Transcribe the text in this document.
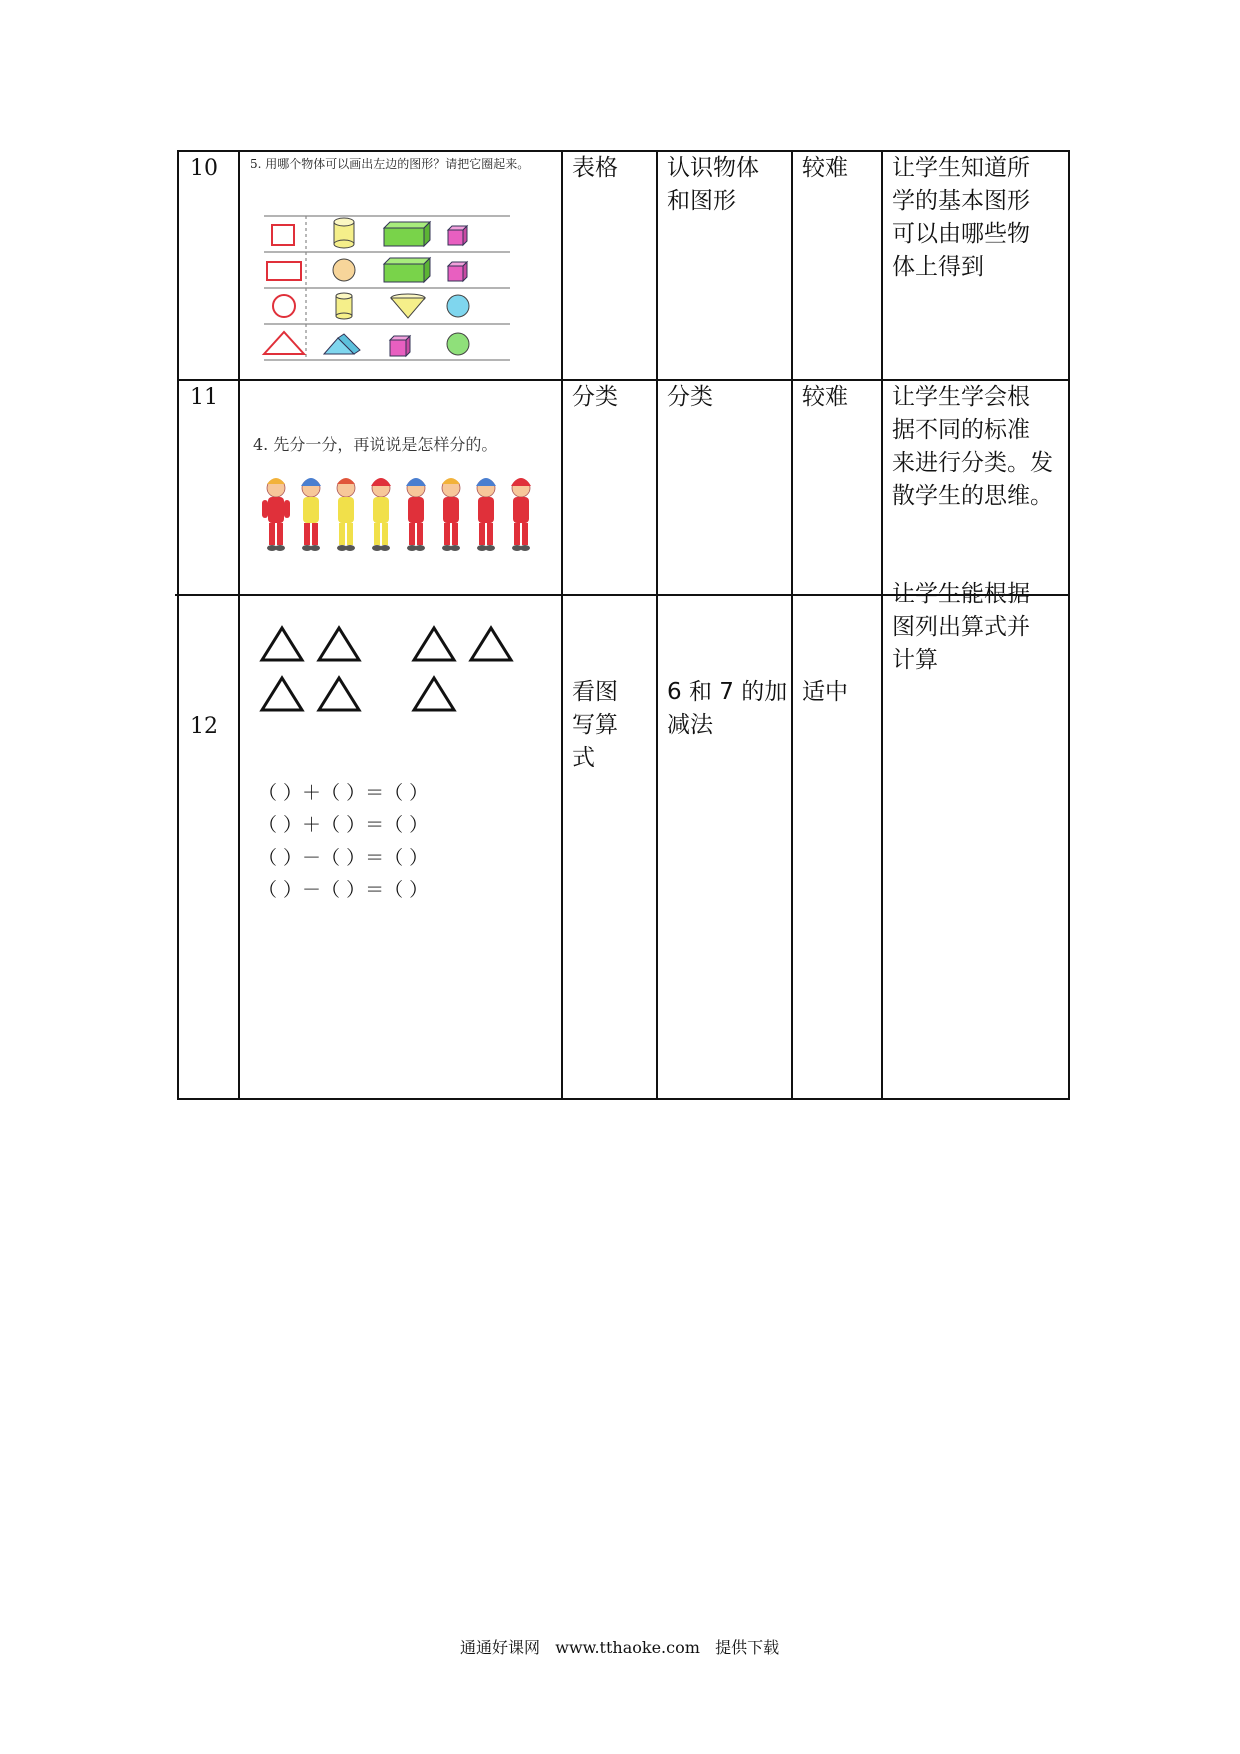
10	5. 用哪个物体可以画出左边的图形？请把它圈起来。 表格 认识物体
和图形
较难 让学生知道所
学的基本图形
可以由哪些物
体上得到
11
4. 先分一分，再说说是怎样分的。
分类 分类	较难 让学生学会根
据不同的标准
来进行分类。发
散学生的思维。
12
（ ）＋（ ）＝（ ）
（ ）＋（ ）＝（ ）
（ ）－（ ）＝（ ）
（ ）－（ ）＝（ ）
看图
写算
式
6 和 7 的加
减法
适中
让学生能根据
图列出算式并
计算
通通好课网   www.tthaoke.com   提供下载
